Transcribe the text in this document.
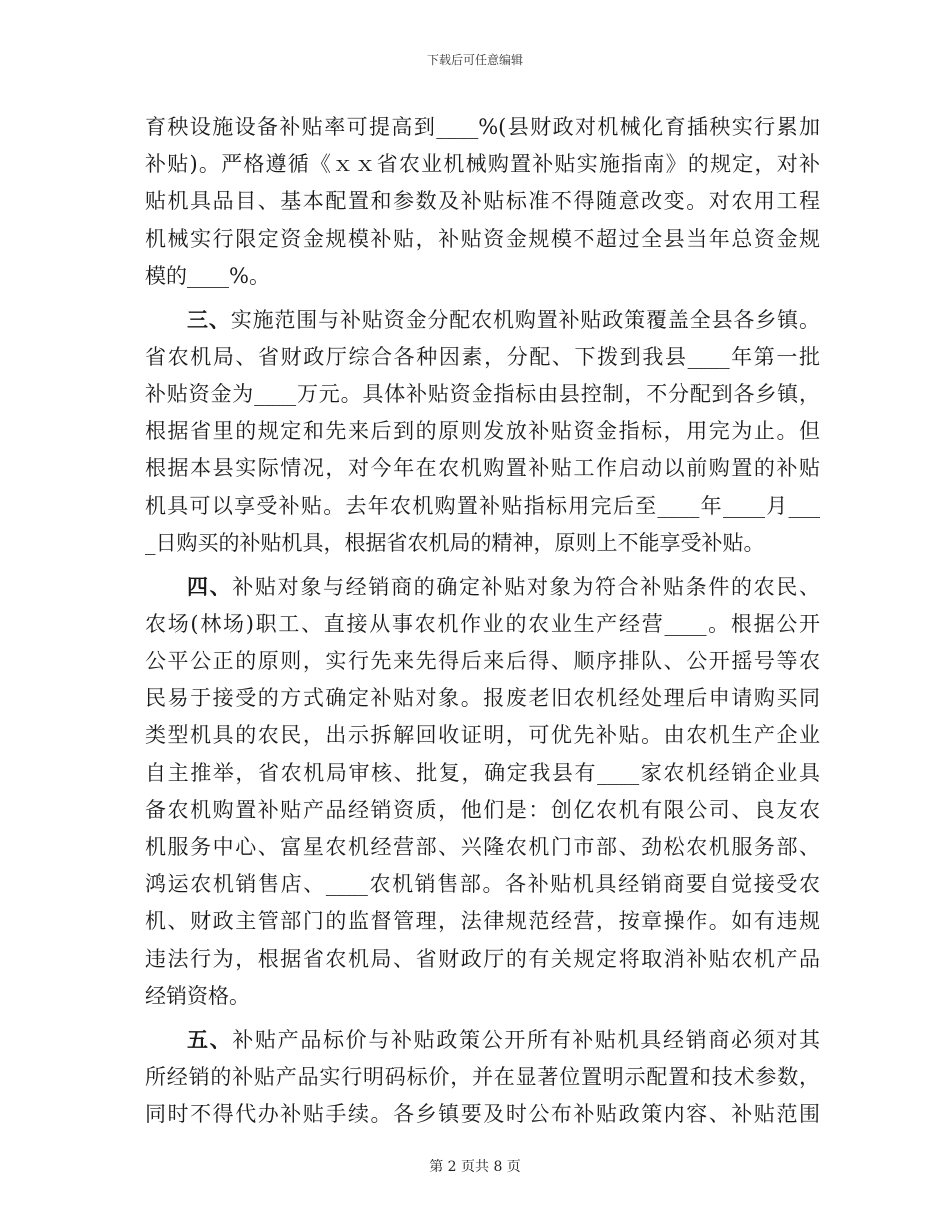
下载后可任意编辑
育秧设施设备补贴率可提高到____%(县财政对机械化育插秧实行累加
补贴)。严格遵循《ｘｘ省农业机械购置补贴实施指南》的规定，对补
贴机具品目、基本配置和参数及补贴标准不得随意改变。对农用工程
机械实行限定资金规模补贴，补贴资金规模不超过全县当年总资金规
模的____%。
三、实施范围与补贴资金分配农机购置补贴政策覆盖全县各乡镇。
省农机局、省财政厅综合各种因素，分配、下拨到我县____年第一批
补贴资金为____万元。具体补贴资金指标由县控制，不分配到各乡镇，
根据省里的规定和先来后到的原则发放补贴资金指标，用完为止。但
根据本县实际情况，对今年在农机购置补贴工作启动以前购置的补贴
机具可以享受补贴。去年农机购置补贴指标用完后至____年____月___
_日购买的补贴机具，根据省农机局的精神，原则上不能享受补贴。
四、补贴对象与经销商的确定补贴对象为符合补贴条件的农民、
农场(林场)职工、直接从事农机作业的农业生产经营____。根据公开
公平公正的原则，实行先来先得后来后得、顺序排队、公开摇号等农
民易于接受的方式确定补贴对象。报废老旧农机经处理后申请购买同
类型机具的农民，出示拆解回收证明，可优先补贴。由农机生产企业
自主推举，省农机局审核、批复，确定我县有____家农机经销企业具
备农机购置补贴产品经销资质，他们是：创亿农机有限公司、良友农
机服务中心、富星农机经营部、兴隆农机门市部、劲松农机服务部、
鸿运农机销售店、____农机销售部。各补贴机具经销商要自觉接受农
机、财政主管部门的监督管理，法律规范经营，按章操作。如有违规
违法行为，根据省农机局、省财政厅的有关规定将取消补贴农机产品
经销资格。
五、补贴产品标价与补贴政策公开所有补贴机具经销商必须对其
所经销的补贴产品实行明码标价，并在显著位置明示配置和技术参数，
同时不得代办补贴手续。各乡镇要及时公布补贴政策内容、补贴范围
第 2 页共 8 页
